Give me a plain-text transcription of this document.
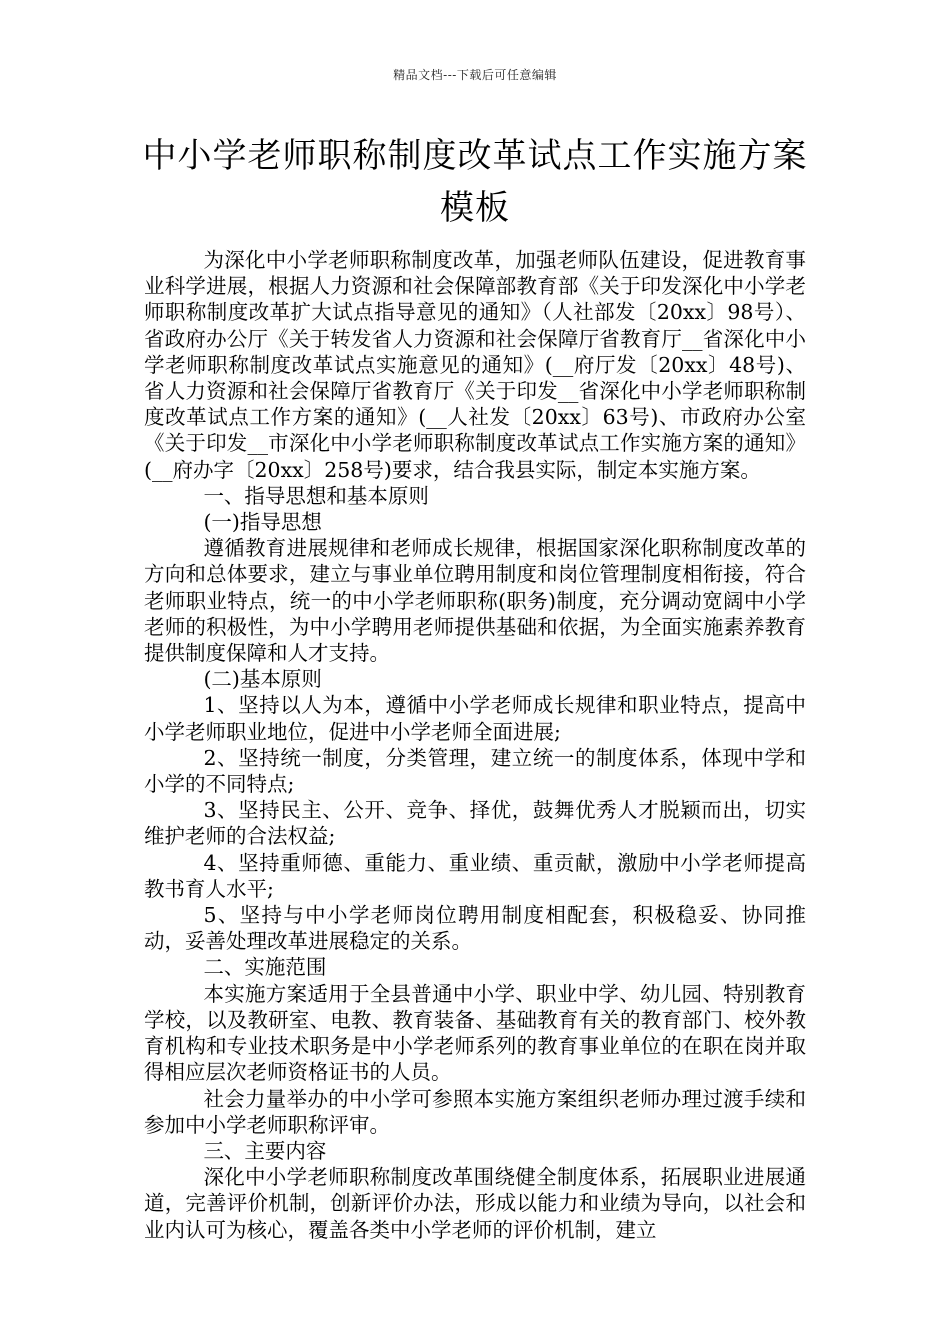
精品文档---下载后可任意编辑
中小学老师职称制度改革试点工作实施方案模板

为深化中小学老师职称制度改革，加强老师队伍建设，促进教育事业科学进展，根据人力资源和社会保障部教育部《关于印发深化中小学老师职称制度改革扩大试点指导意见的通知》（人社部发〔20xx〕98号）、省政府办公厅《关于转发省人力资源和社会保障厅省教育厅__省深化中小学老师职称制度改革试点实施意见的通知》(__府厅发〔20xx〕48号)、省人力资源和社会保障厅省教育厅《关于印发__省深化中小学老师职称制度改革试点工作方案的通知》(__人社发〔20xx〕63号)、市政府办公室《关于印发__市深化中小学老师职称制度改革试点工作实施方案的通知》(__府办字〔20xx〕258号)要求，结合我县实际，制定本实施方案。

一、指导思想和基本原则

(一)指导思想

遵循教育进展规律和老师成长规律，根据国家深化职称制度改革的方向和总体要求，建立与事业单位聘用制度和岗位管理制度相衔接，符合老师职业特点，统一的中小学老师职称(职务)制度，充分调动宽阔中小学老师的积极性，为中小学聘用老师提供基础和依据，为全面实施素养教育提供制度保障和人才支持。

(二)基本原则

1、坚持以人为本，遵循中小学老师成长规律和职业特点，提高中小学老师职业地位，促进中小学老师全面进展;

2、坚持统一制度，分类管理，建立统一的制度体系，体现中学和小学的不同特点;

3、坚持民主、公开、竞争、择优，鼓舞优秀人才脱颖而出，切实维护老师的合法权益;

4、坚持重师德、重能力、重业绩、重贡献，激励中小学老师提高教书育人水平;

5、坚持与中小学老师岗位聘用制度相配套，积极稳妥、协同推动，妥善处理改革进展稳定的关系。

二、实施范围

本实施方案适用于全县普通中小学、职业中学、幼儿园、特别教育学校，以及教研室、电教、教育装备、基础教育有关的教育部门、校外教育机构和专业技术职务是中小学老师系列的教育事业单位的在职在岗并取得相应层次老师资格证书的人员。

社会力量举办的中小学可参照本实施方案组织老师办理过渡手续和参加中小学老师职称评审。

三、主要内容

深化中小学老师职称制度改革围绕健全制度体系，拓展职业进展通道，完善评价机制，创新评价办法，形成以能力和业绩为导向，以社会和业内认可为核心，覆盖各类中小学老师的评价机制，建立
